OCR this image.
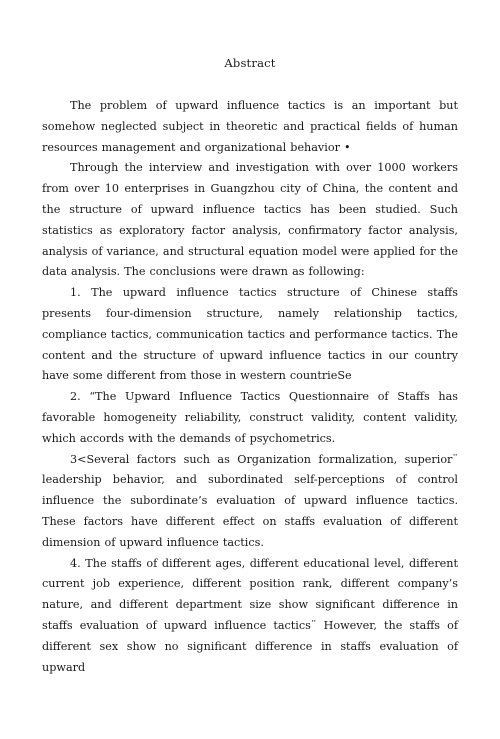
Abstract

The problem of upward influence tactics is an important but somehow neglected subject in theoretic and practical fields of human resources management and organizational behavior •

Through the interview and investigation with over 1000 workers from over 10 enterprises in Guangzhou city of China, the content and the structure of upward influence tactics has been studied. Such statistics as exploratory factor analysis, confirmatory factor analysis, analysis of variance, and structural equation model were applied for the data analysis. The conclusions were drawn as following:

1. The upward influence tactics structure of Chinese staffs presents four-dimension structure, namely relationship tactics, compliance tactics, communication tactics and performance tactics. The content and the structure of upward influence tactics in our country have some different from those in western countrieSe

2. “The Upward Influence Tactics Questionnaire of Staffs has favorable homogeneity reliability, construct validity, content validity, which accords with the demands of psychometrics.

3<Several factors such as Organization formalization, superior¨ leadership behavior, and subordinated self-perceptions of control influence the subordinate’s evaluation of upward influence tactics. These factors have different effect on staffs evaluation of different dimension of upward influence tactics.

4. The staffs of different ages, different educational level, different current job experience, different position rank, different company’s nature, and different department size show significant difference in staffs evaluation of upward influence tactics¨ However, the staffs of different sex show no significant difference in staffs evaluation of upward
